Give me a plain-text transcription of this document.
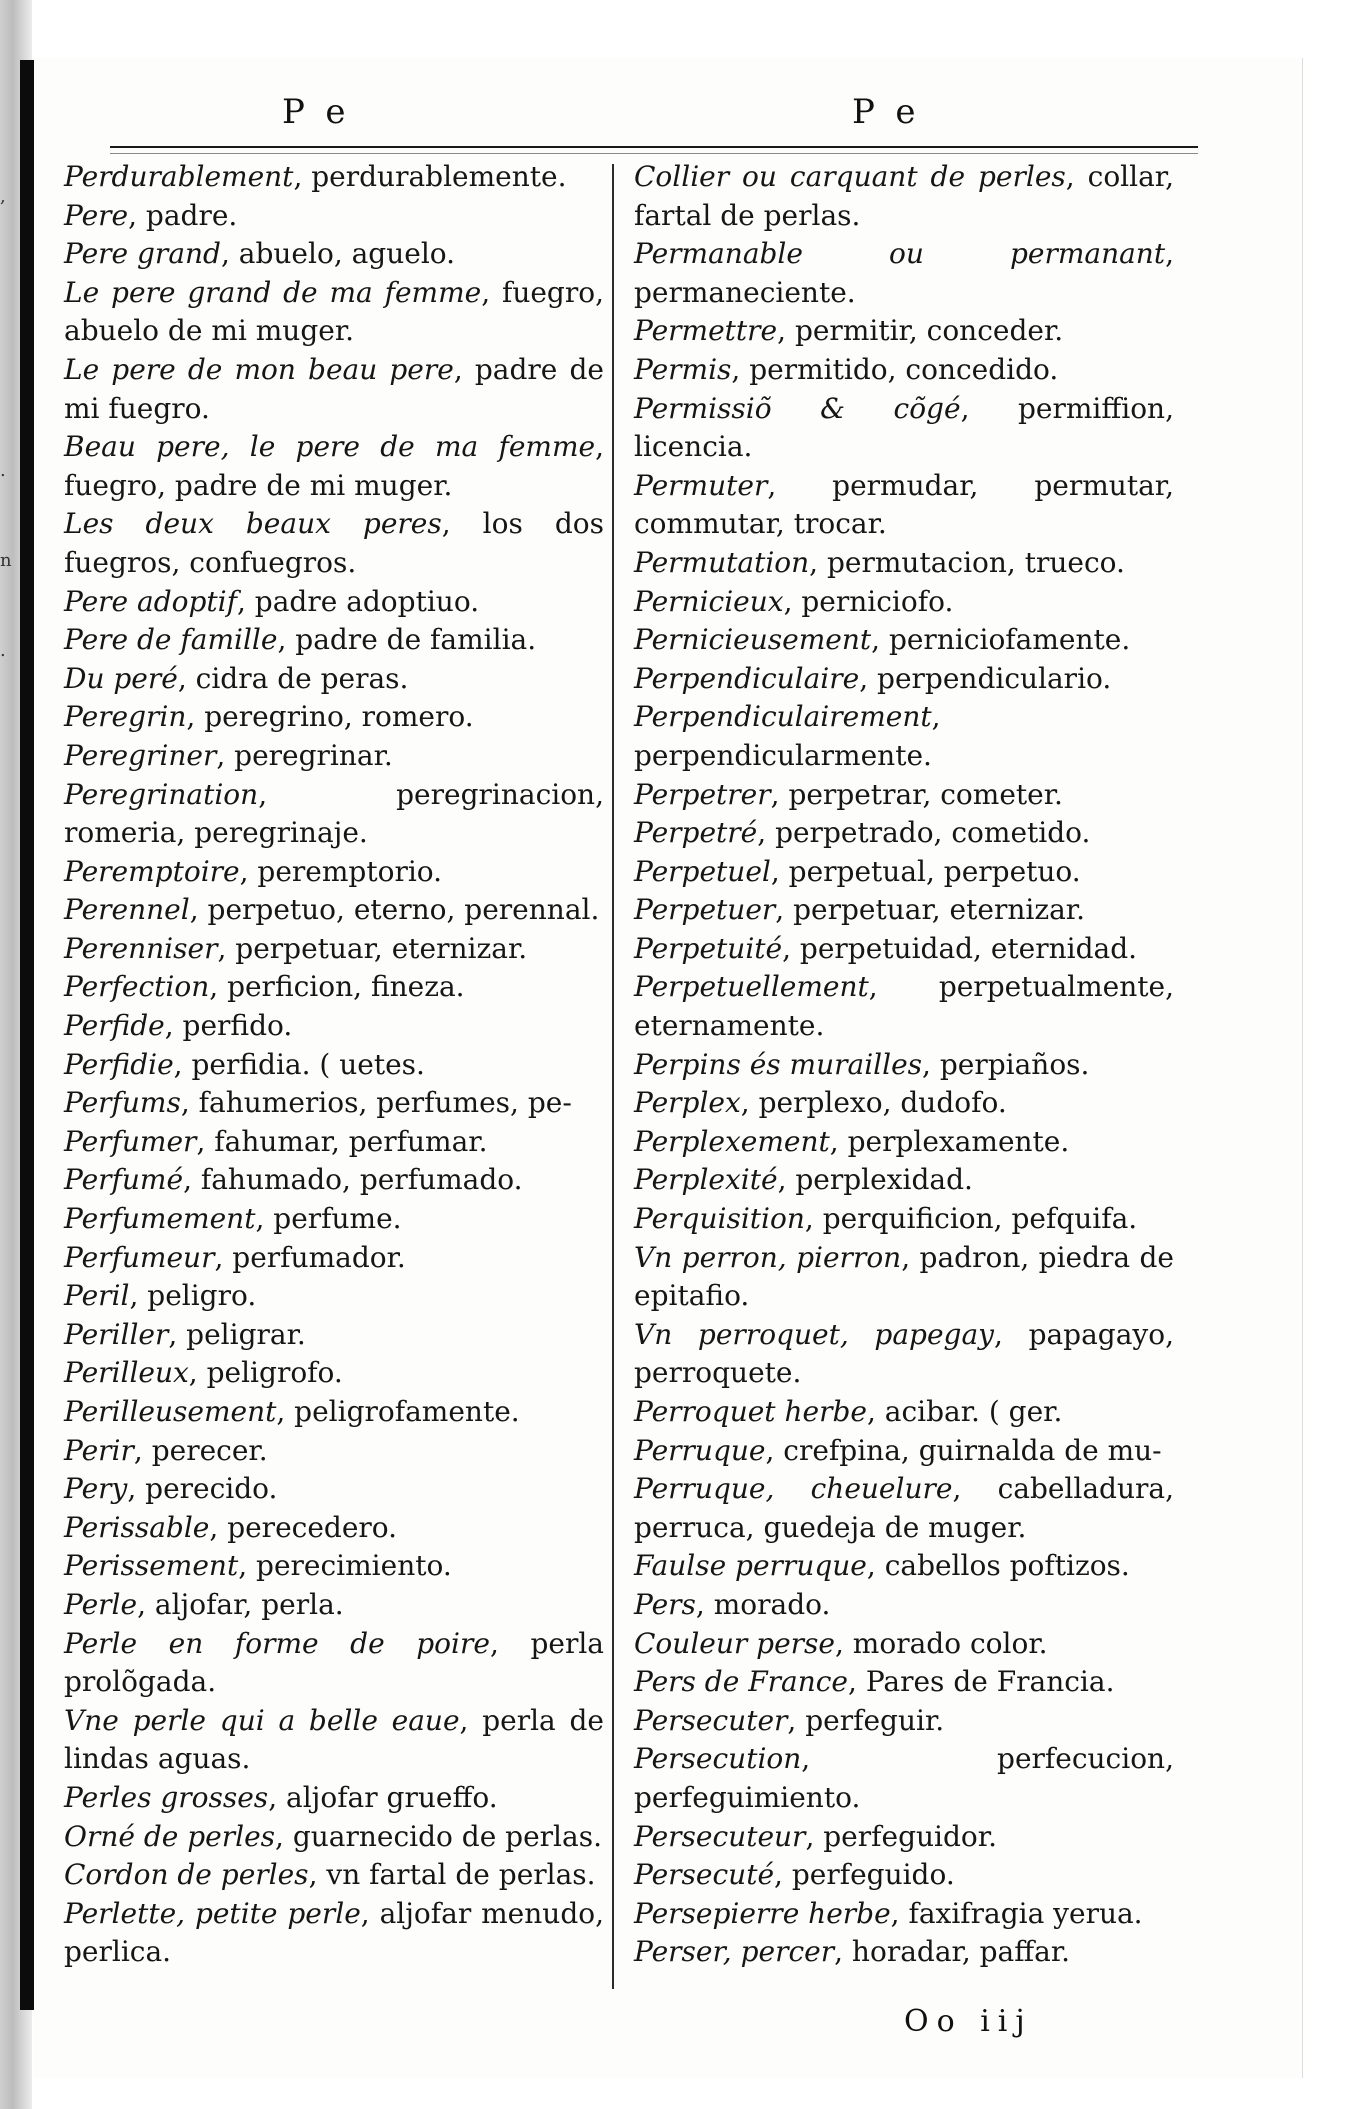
,
.
n
.
Pe	Pe

Perdurablement, perdurablemente.

Pere, padre.

Pere grand, abuelo, aguelo.

Le pere grand de ma femme, fuegro, abuelo de mi muger.

Le pere de mon beau pere, padre de mi fuegro.

Beau pere, le pere de ma femme, fuegro, padre de mi muger.

Les deux beaux peres, los dos fuegros, confuegros.

Pere adoptif, padre adoptiuo.

Pere de famille, padre de familia.

Du peré, cidra de peras.

Peregrin, peregrino, romero.

Peregriner, peregrinar.

Peregrination, peregrinacion, romeria, peregrinaje.

Peremptoire, peremptorio.

Perennel, perpetuo, eterno, perennal.

Perenniser, perpetuar, eternizar.

Perfection, perficion, fineza.

Perfide, perfido.

Perfidie, perfidia. ( uetes.

Perfums, fahumerios, perfumes, pe-

Perfumer, fahumar, perfumar.

Perfumé, fahumado, perfumado.

Perfumement, perfume.

Perfumeur, perfumador.

Peril, peligro.

Periller, peligrar.

Perilleux, peligrofo.

Perilleusement, peligrofamente.

Perir, perecer.

Pery, perecido.

Perissable, perecedero.

Perissement, perecimiento.

Perle, aljofar, perla.

Perle en forme de poire, perla prolõgada.

Vne perle qui a belle eaue, perla de lindas aguas.

Perles grosses, aljofar grueffo.

Orné de perles, guarnecido de perlas.

Cordon de perles, vn fartal de perlas.

Perlette, petite perle, aljofar menudo, perlica.

Collier ou carquant de perles, collar, fartal de perlas.

Permanable ou permanant, permaneciente.

Permettre, permitir, conceder.

Permis, permitido, concedido.

Permissiõ & cõgé, permiffion, licencia.

Permuter, permudar, permutar, commutar, trocar.

Permutation, permutacion, trueco.

Pernicieux, perniciofo.

Pernicieusement, perniciofamente.

Perpendiculaire, perpendiculario.

Perpendiculairement, perpendicularmente.

Perpetrer, perpetrar, cometer.

Perpetré, perpetrado, cometido.

Perpetuel, perpetual, perpetuo.

Perpetuer, perpetuar, eternizar.

Perpetuité, perpetuidad, eternidad.

Perpetuellement, perpetualmente, eternamente.

Perpins és murailles, perpiaños.

Perplex, perplexo, dudofo.

Perplexement, perplexamente.

Perplexité, perplexidad.

Perquisition, perquificion, pefquifa.

Vn perron, pierron, padron, piedra de epitafio.

Vn perroquet, papegay, papagayo, perroquete.

Perroquet herbe, acibar. ( ger.

Perruque, crefpina, guirnalda de mu-

Perruque, cheuelure, cabelladura, perruca, guedeja de muger.

Faulse perruque, cabellos poftizos.

Pers, morado.

Couleur perse, morado color.

Pers de France, Pares de Francia.

Persecuter, perfeguir.

Persecution, perfecucion, perfeguimiento.

Persecuteur, perfeguidor.

Persecuté, perfeguido.

Persepierre herbe, faxifragia yerua.

Perser, percer, horadar, paffar.

Oo iij
